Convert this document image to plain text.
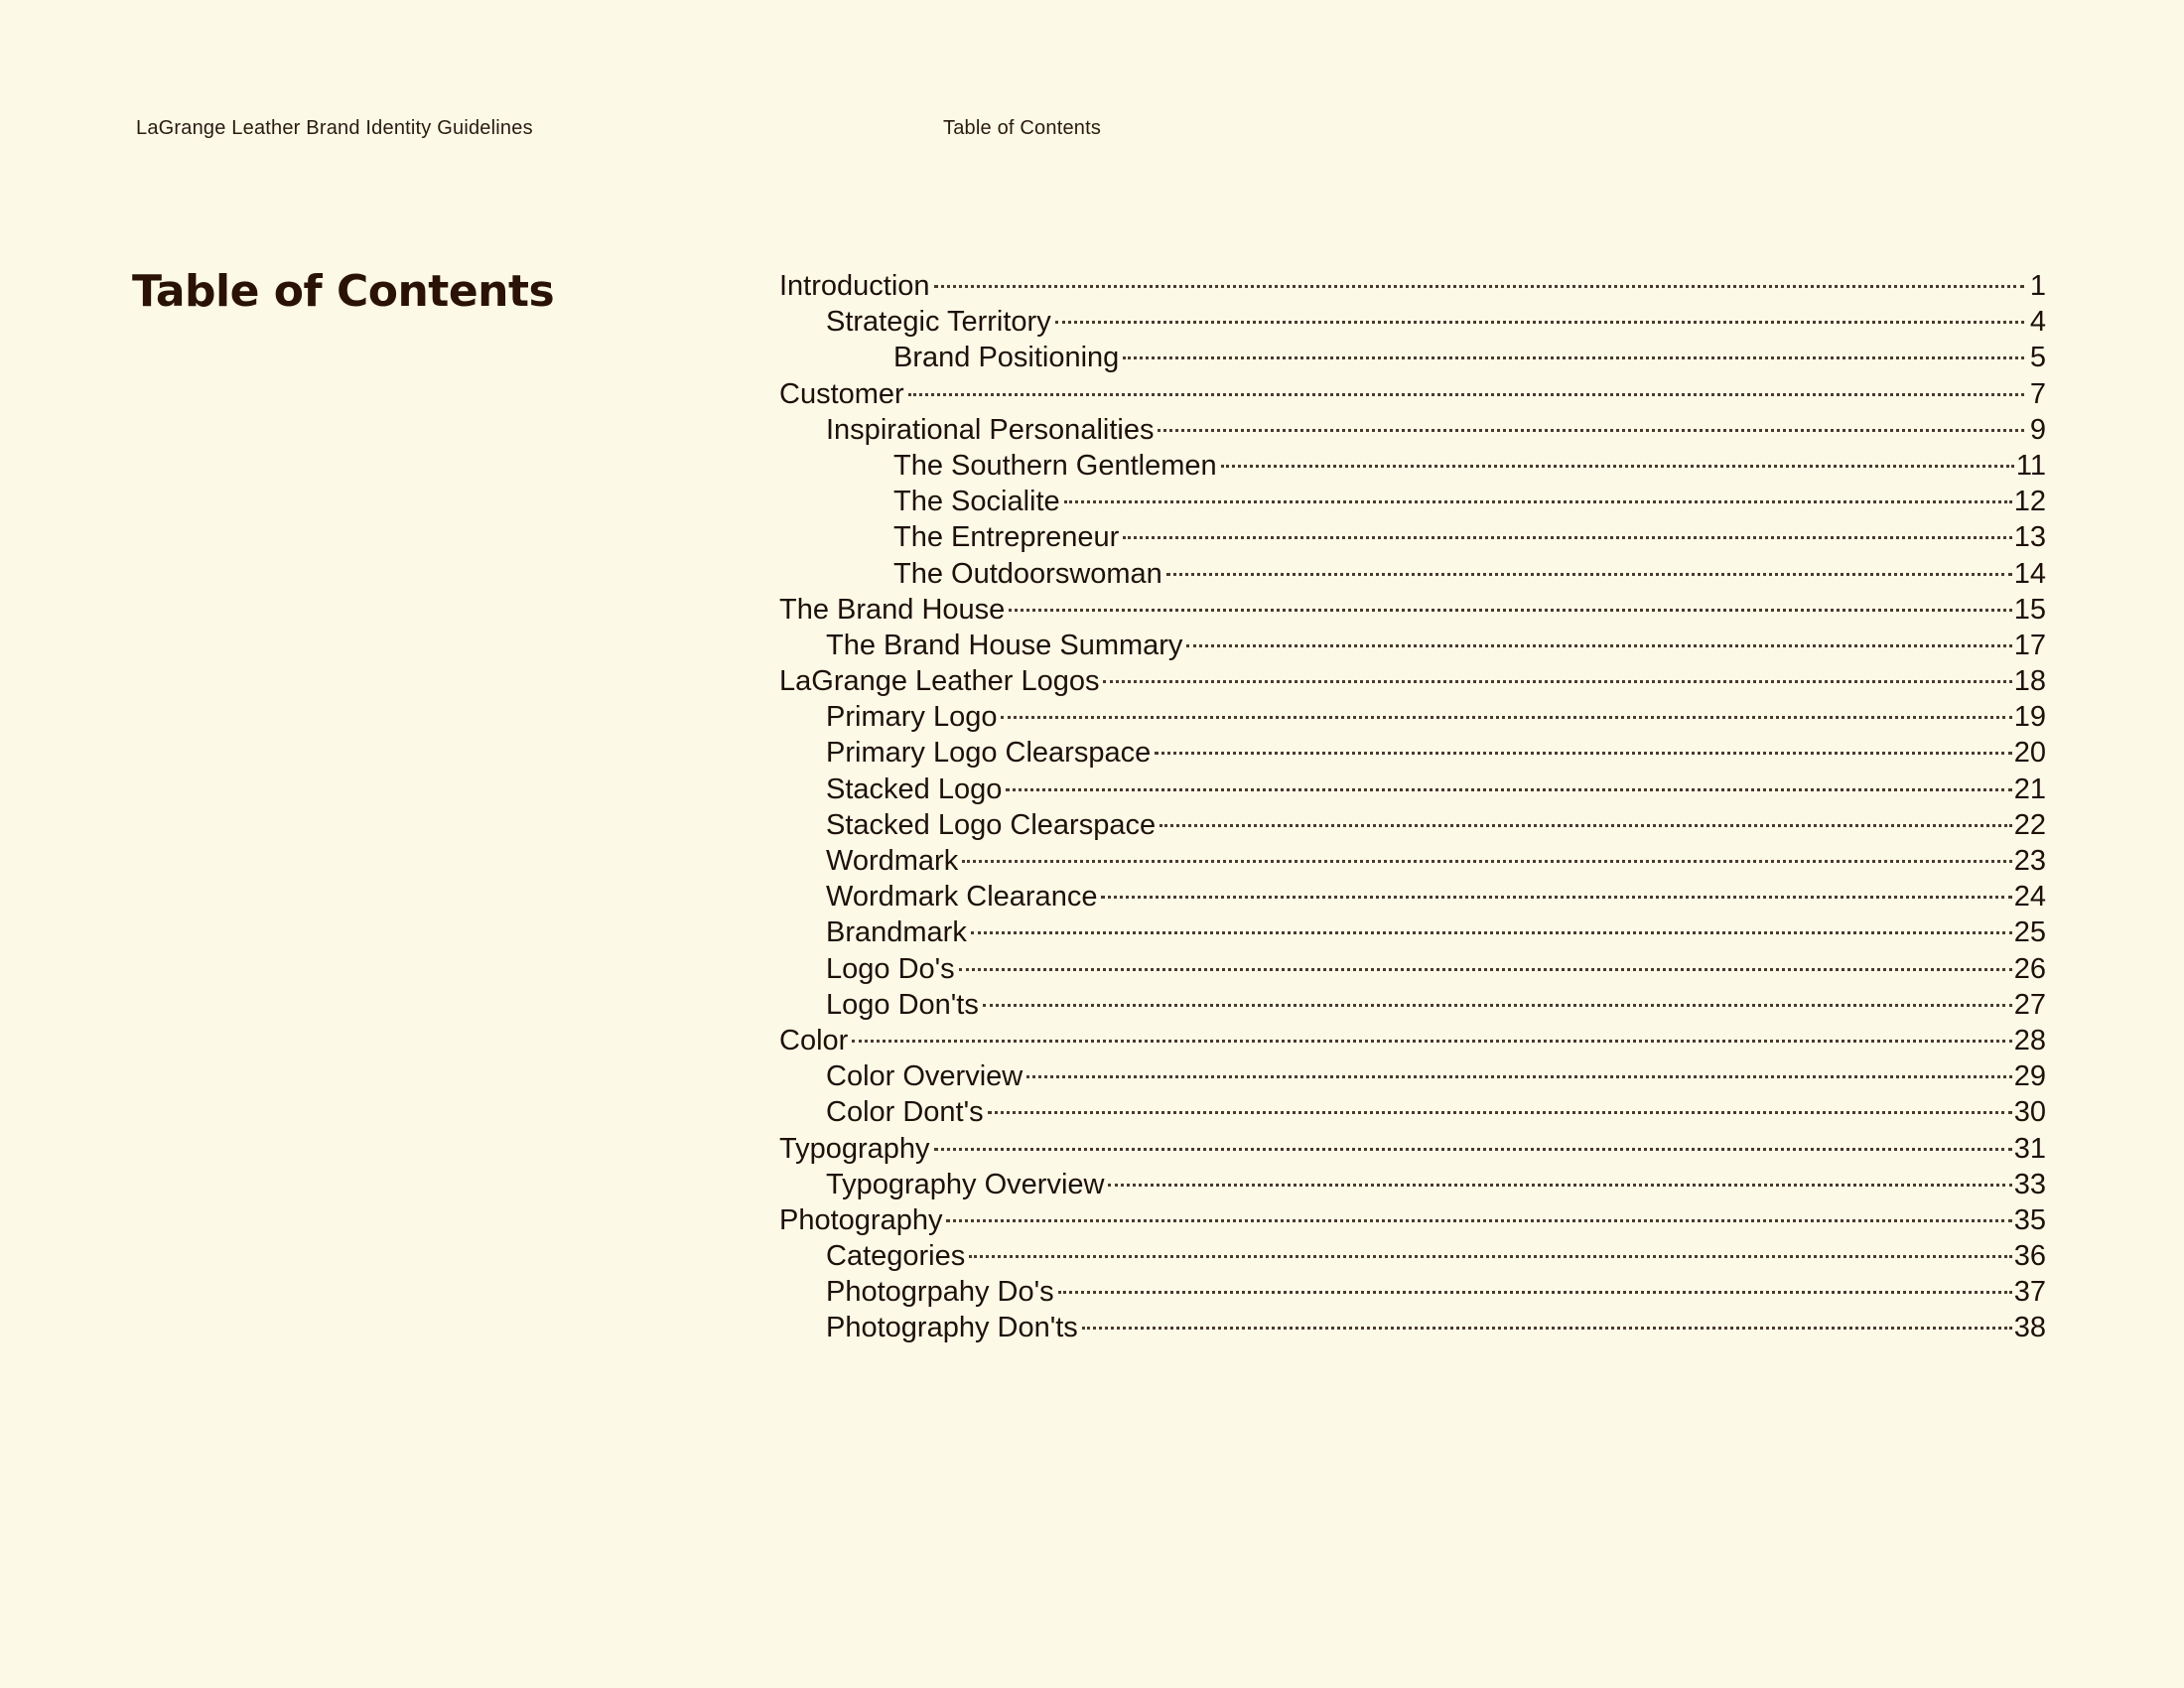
LaGrange Leather Brand Identity Guidelines	Table of Contents
Table of Contents	Introduction	1
Strategic Territory	4
Brand Positioning	5
Customer	7
Inspirational Personalities	9
The Southern Gentlemen	11
The Socialite	12
The Entrepreneur	13
The Outdoorswoman	14
The Brand House	15
The Brand House Summary	17
LaGrange Leather Logos	18
Primary Logo	19
Primary Logo Clearspace	20
Stacked Logo	21
Stacked Logo Clearspace	22
Wordmark	23
Wordmark Clearance	24
Brandmark	25
Logo Do's	26
Logo Don'ts	27
Color	28
Color Overview	29
Color Dont's	30
Typography	31
Typography Overview	33
Photography	35
Categories	36
Photogrpahy Do's	37
Photography Don'ts	38
